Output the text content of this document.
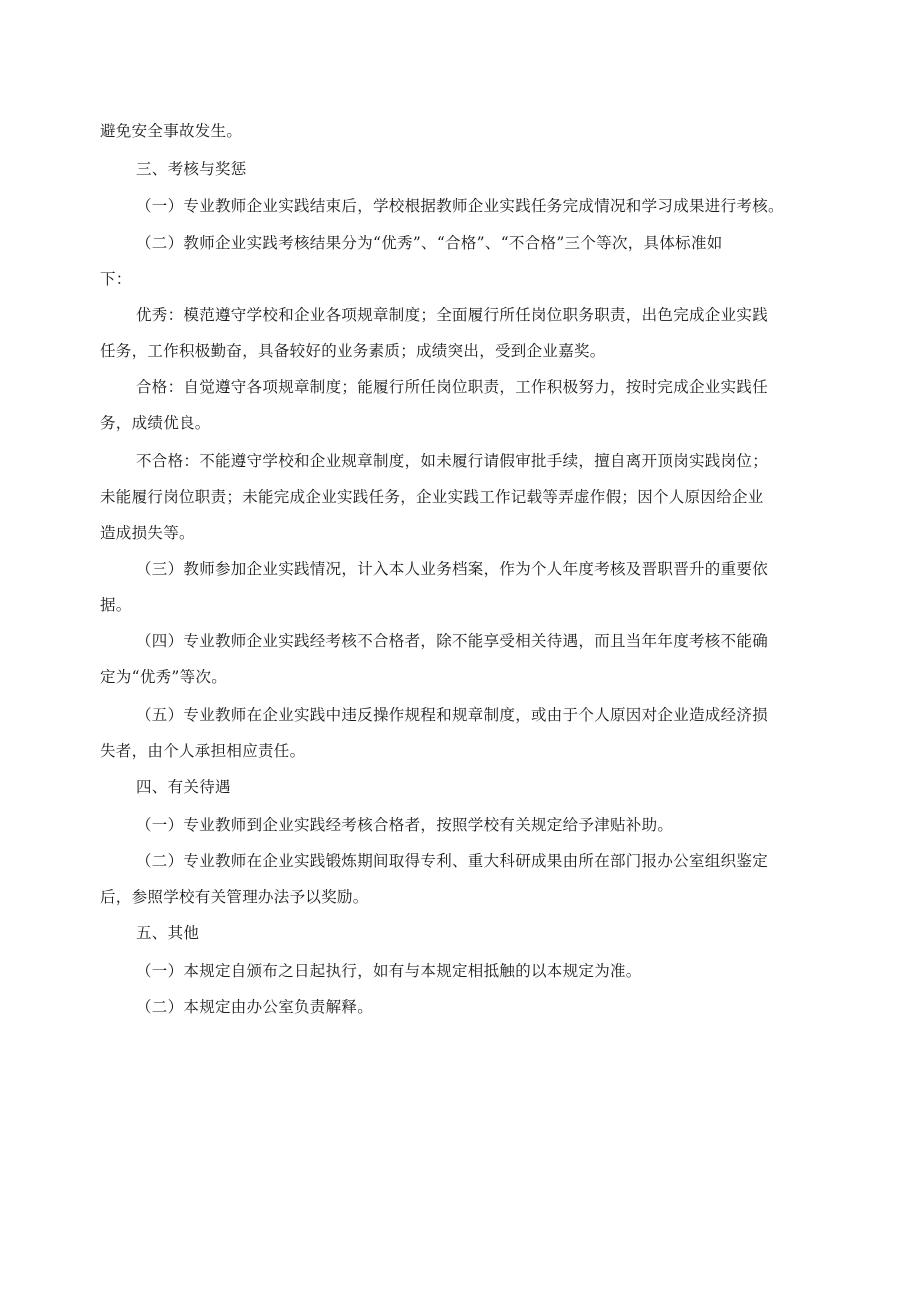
避免安全事故发生。
三、考核与奖惩
（一）专业教师企业实践结束后，学校根据教师企业实践任务完成情况和学习成果进行考核。
（二）教师企业实践考核结果分为“优秀”、“合格”、“不合格”三个等次，具体标准如
下：
优秀：模范遵守学校和企业各项规章制度；全面履行所任岗位职务职责，出色完成企业实践
任务，工作积极勤奋，具备较好的业务素质；成绩突出，受到企业嘉奖。
合格：自觉遵守各项规章制度；能履行所任岗位职责，工作积极努力，按时完成企业实践任
务，成绩优良。
不合格：不能遵守学校和企业规章制度，如未履行请假审批手续，擅自离开顶岗实践岗位；
未能履行岗位职责；未能完成企业实践任务，企业实践工作记载等弄虚作假；因个人原因给企业
造成损失等。
（三）教师参加企业实践情况，计入本人业务档案，作为个人年度考核及晋职晋升的重要依
据。
（四）专业教师企业实践经考核不合格者，除不能享受相关待遇，而且当年年度考核不能确
定为“优秀”等次。
（五）专业教师在企业实践中违反操作规程和规章制度，或由于个人原因对企业造成经济损
失者，由个人承担相应责任。
四、有关待遇
（一）专业教师到企业实践经考核合格者，按照学校有关规定给予津贴补助。
（二）专业教师在企业实践锻炼期间取得专利、重大科研成果由所在部门报办公室组织鉴定
后，参照学校有关管理办法予以奖励。
五、其他
（一）本规定自颁布之日起执行，如有与本规定相抵触的以本规定为准。
（二）本规定由办公室负责解释。
